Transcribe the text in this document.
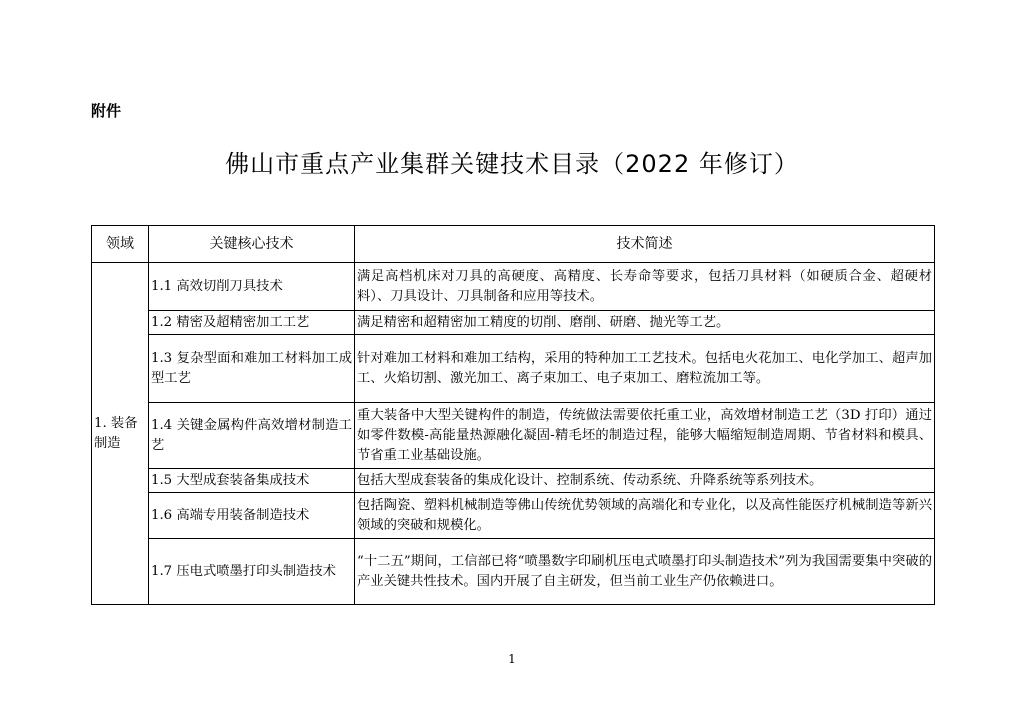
附件
佛山市重点产业集群关键技术目录（2022 年修订）
领域	关键核心技术	技术简述
1. 装备制造	1.1 高效切削刀具技术	满足高档机床对刀具的高硬度、高精度、长寿命等要求，包括刀具材料（如硬质合金、超硬材料）、刀具设计、刀具制备和应用等技术。
	1.2 精密及超精密加工工艺	满足精密和超精密加工精度的切削、磨削、研磨、抛光等工艺。
	1.3 复杂型面和难加工材料加工成型工艺	针对难加工材料和难加工结构，采用的特种加工工艺技术。包括电火花加工、电化学加工、超声加工、火焰切割、激光加工、离子束加工、电子束加工、磨粒流加工等。
	1.4 关键金属构件高效增材制造工艺	重大装备中大型关键构件的制造，传统做法需要依托重工业，高效增材制造工艺（3D 打印）通过如零件数模-高能量热源融化凝固-精毛坯的制造过程，能够大幅缩短制造周期、节省材料和模具、节省重工业基础设施。
	1.5 大型成套装备集成技术	包括大型成套装备的集成化设计、控制系统、传动系统、升降系统等系列技术。
	1.6 高端专用装备制造技术	包括陶瓷、塑料机械制造等佛山传统优势领域的高端化和专业化，以及高性能医疗机械制造等新兴领域的突破和规模化。
	1.7 压电式喷墨打印头制造技术	“十二五”期间，工信部已将“喷墨数字印刷机压电式喷墨打印头制造技术”列为我国需要集中突破的产业关键共性技术。国内开展了自主研发，但当前工业生产仍依赖进口。
1
